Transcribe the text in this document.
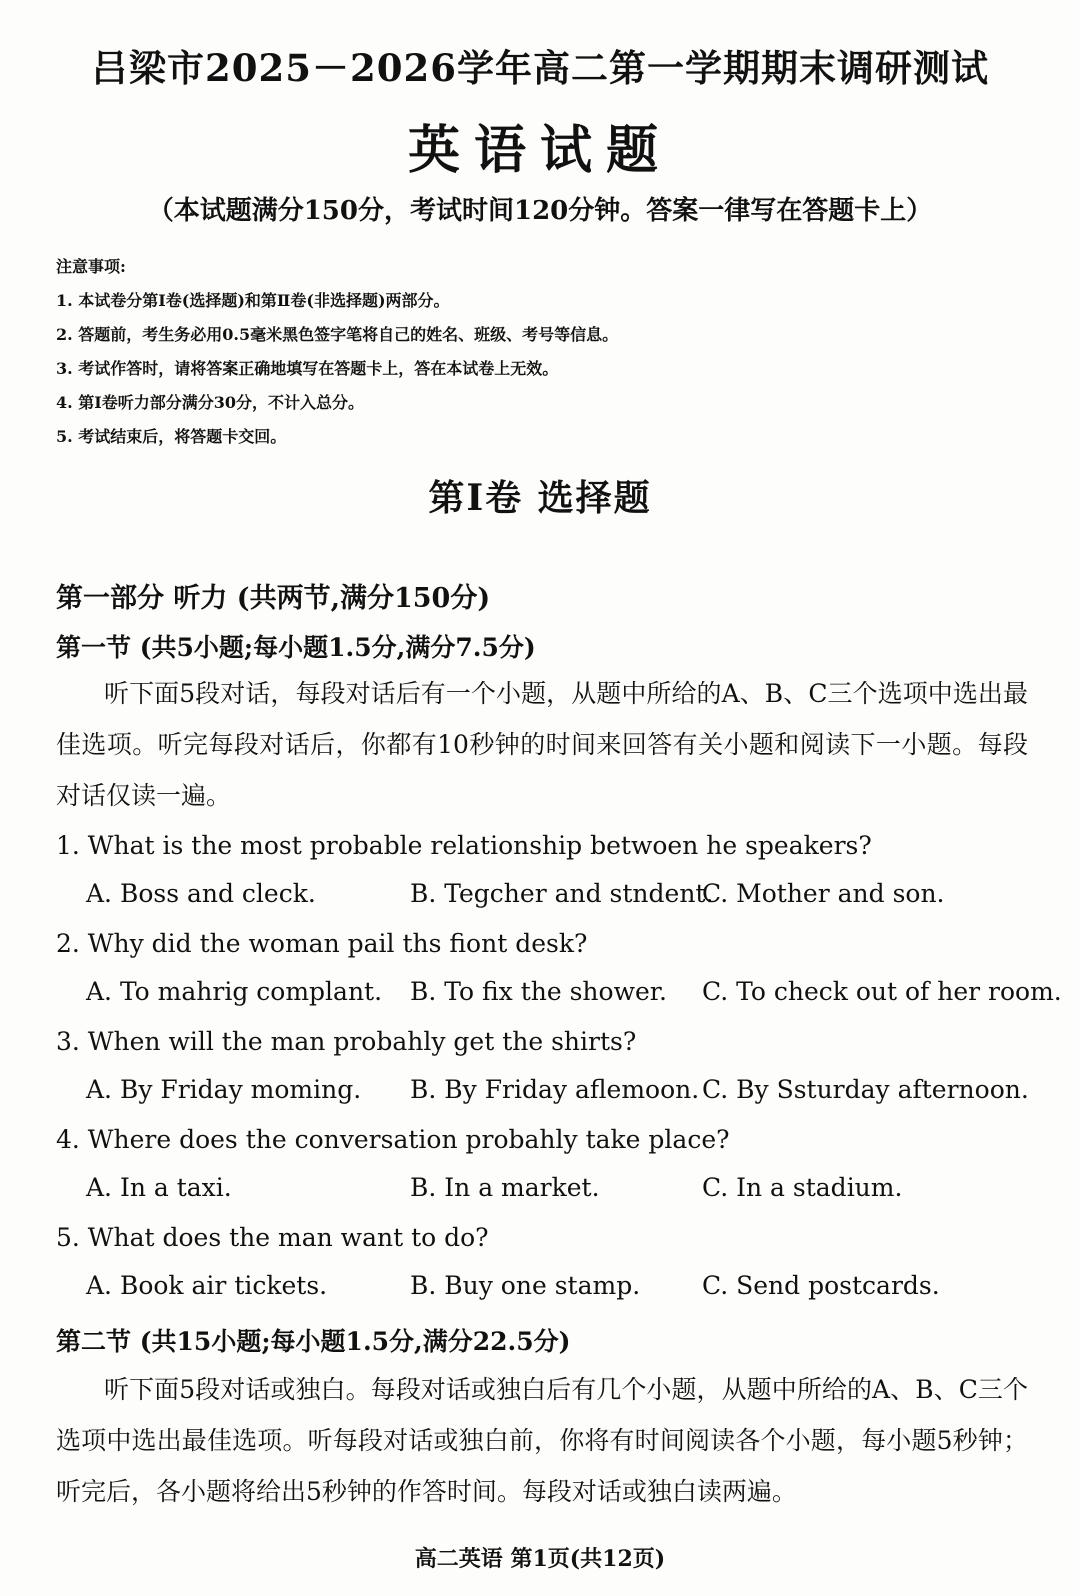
吕梁市2025－2026学年高二第一学期期末调研测试
英语试题
（本试题满分150分，考试时间120分钟。答案一律写在答题卡上）
注意事项:
1. 本试卷分第Ⅰ卷(选择题)和第Ⅱ卷(非选择题)两部分。
2. 答题前，考生务必用0.5毫米黑色签字笔将自己的姓名、班级、考号等信息。
3. 考试作答时，请将答案正确地填写在答题卡上，答在本试卷上无效。
4. 第Ⅰ卷听力部分满分30分，不计入总分。
5. 考试结束后，将答题卡交回。
第Ⅰ卷 选择题
第一部分 听力 (共两节,满分150分)
第一节 (共5小题;每小题1.5分,满分7.5分)

听下面5段对话，每段对话后有一个小题，从题中所给的A、B、C三个选项中选出最佳选项。听完每段对话后，你都有10秒钟的时间来回答有关小题和阅读下一小题。每段对话仅读一遍。

1. What is the most probable relationship betwoen he speakers?
A. Boss and cleck.	B. Tegcher and stndent.
C. Mother and son.
2. Why did the woman pail ths fiont desk?
A. To mahrig complant. B. To fix the shower. C. To check out of her room.
3. When will the man probahly get the shirts?
A. By Friday moming. B. By Friday aflemoon. C. By Ssturday afternoon.
4. Where does the conversation probahly take place?
A. In a taxi.	B. In a market.	C. In a stadium.
5. What does the man want to do?
A. Book air tickets.	B. Buy one stamp. C. Send postcards.
第二节 (共15小题;每小题1.5分,满分22.5分)

听下面5段对话或独白。每段对话或独白后有几个小题，从题中所给的A、B、C三个选项中选出最佳选项。听每段对话或独白前，你将有时间阅读各个小题，每小题5秒钟；听完后，各小题将给出5秒钟的作答时间。每段对话或独白读两遍。

高二英语 第1页(共12页)
